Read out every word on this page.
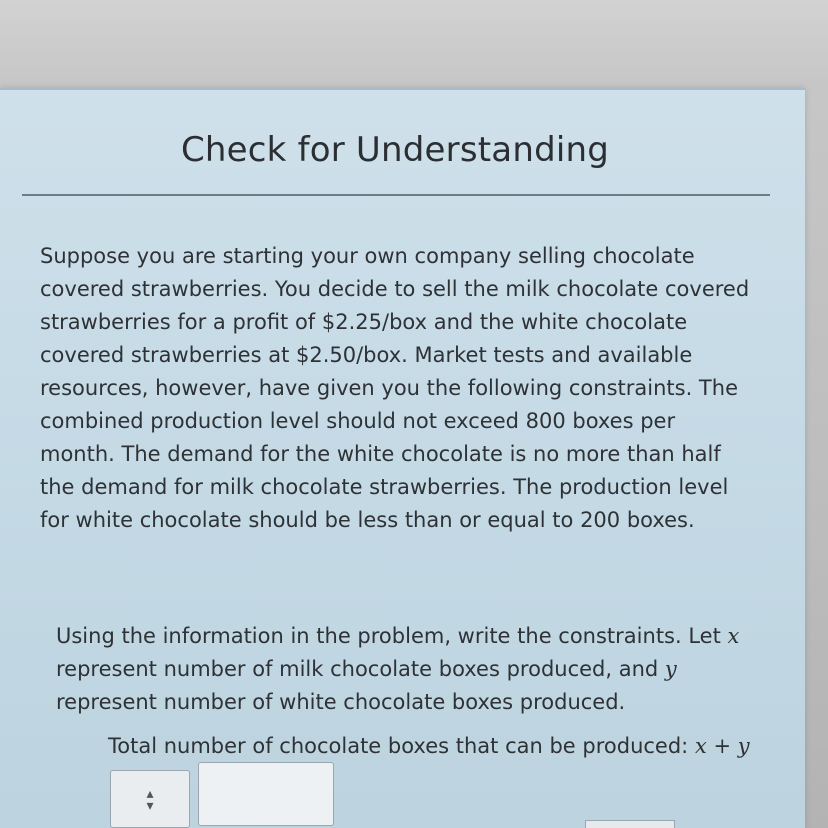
Check for Understanding

Suppose you are starting your own company selling chocolate covered strawberries. You decide to sell the milk chocolate covered strawberries for a profit of $2.25/box and the white chocolate covered strawberries at $2.50/box. Market tests and available resources, however, have given you the following constraints. The combined production level should not exceed 800 boxes per month. The demand for the white chocolate is no more than half the demand for milk chocolate strawberries. The production level for white chocolate should be less than or equal to 200 boxes.

Using the information in the problem, write the constraints. Let x represent number of milk chocolate boxes produced, and y represent number of white chocolate boxes produced.

Total number of chocolate boxes that can be produced: x + y
▴
▾
